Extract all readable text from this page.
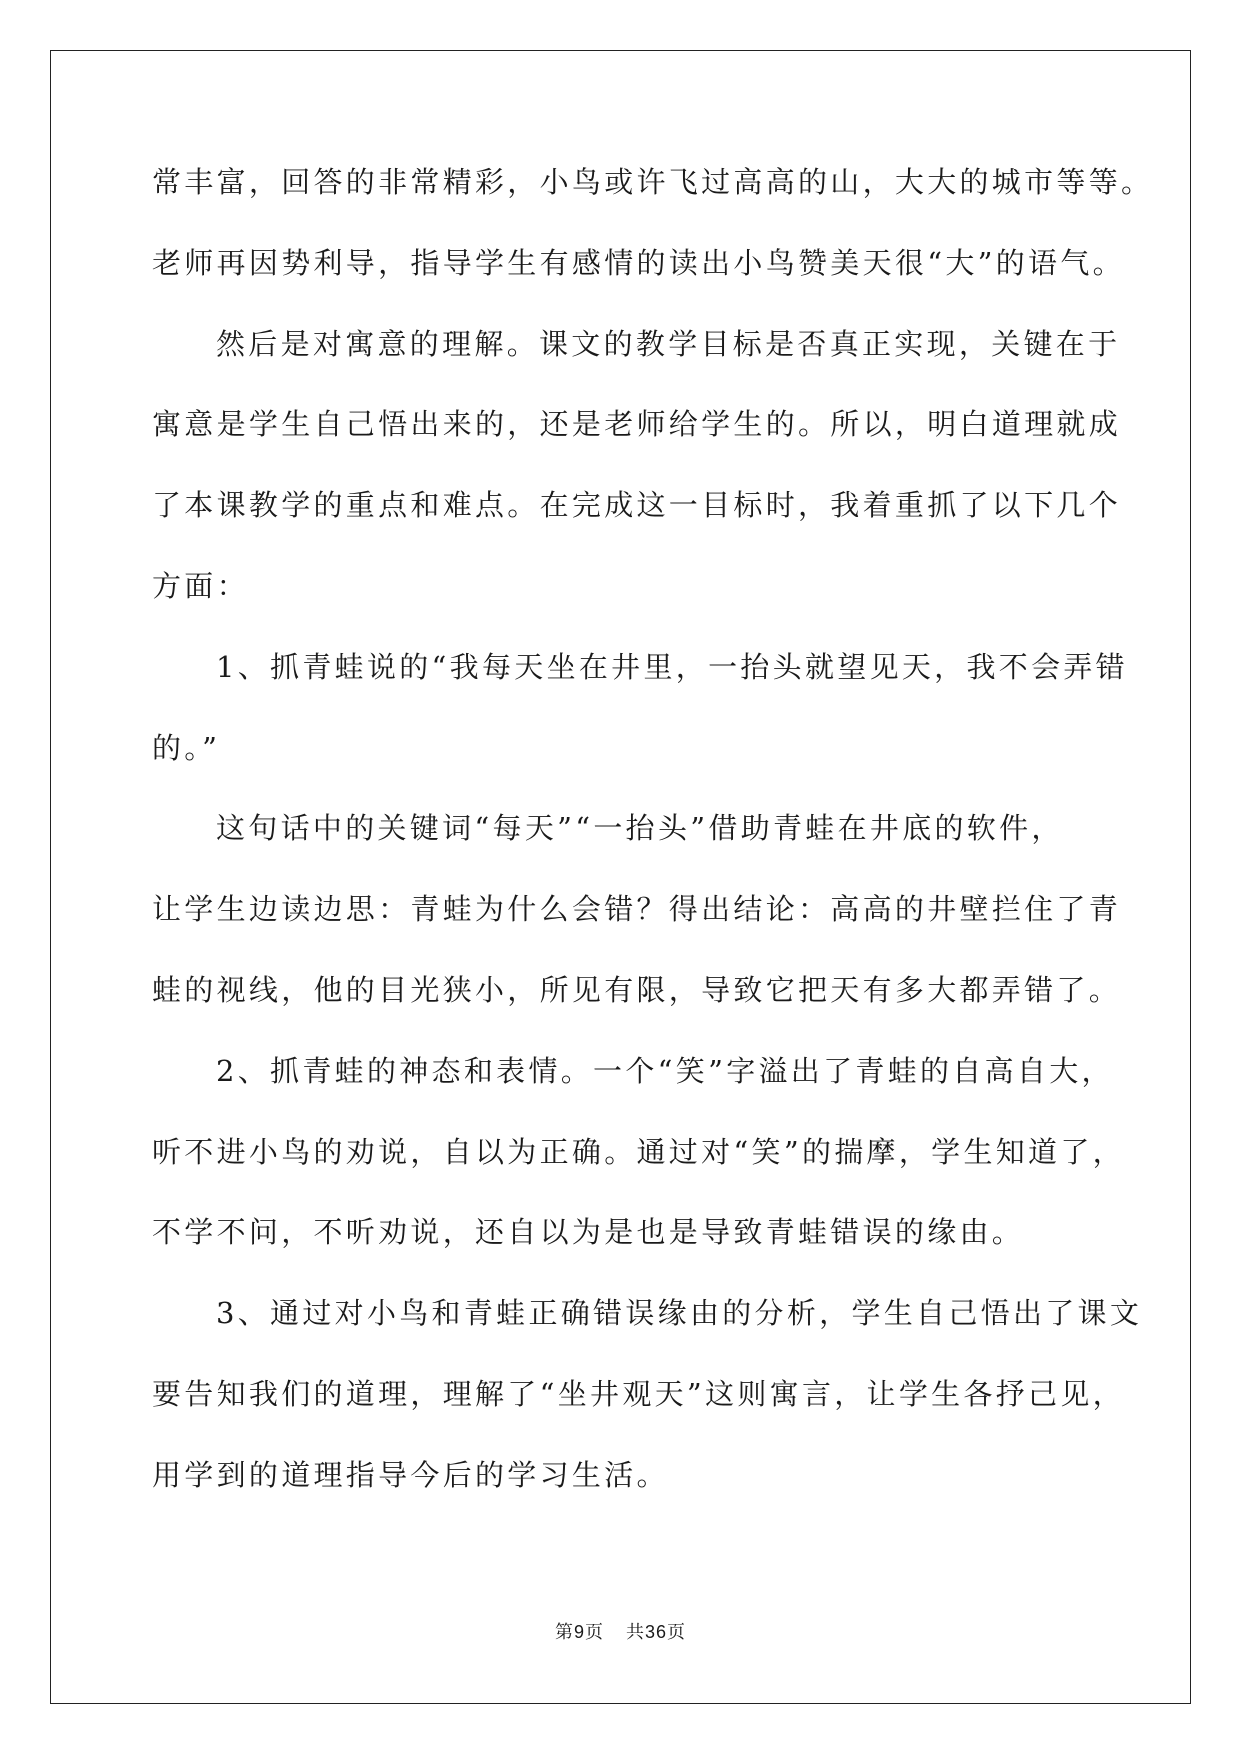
常丰富，回答的非常精彩，小鸟或许飞过高高的山，大大的城市等等。
老师再因势利导，指导学生有感情的读出小鸟赞美天很“大”的语气。
然后是对寓意的理解。课文的教学目标是否真正实现，关键在于
寓意是学生自己悟出来的，还是老师给学生的。所以，明白道理就成
了本课教学的重点和难点。在完成这一目标时，我着重抓了以下几个
方面：
1、抓青蛙说的“我每天坐在井里，一抬头就望见天，我不会弄错
的。”
这句话中的关键词“每天”“一抬头”借助青蛙在井底的软件，
让学生边读边思：青蛙为什么会错？得出结论：高高的井壁拦住了青
蛙的视线，他的目光狭小，所见有限，导致它把天有多大都弄错了。
2、抓青蛙的神态和表情。一个“笑”字溢出了青蛙的自高自大，
听不进小鸟的劝说，自以为正确。通过对“笑”的揣摩，学生知道了，
不学不问，不听劝说，还自以为是也是导致青蛙错误的缘由。
3、通过对小鸟和青蛙正确错误缘由的分析，学生自己悟出了课文
要告知我们的道理，理解了“坐井观天”这则寓言，让学生各抒己见，
用学到的道理指导今后的学习生活。
第9页 共36页
